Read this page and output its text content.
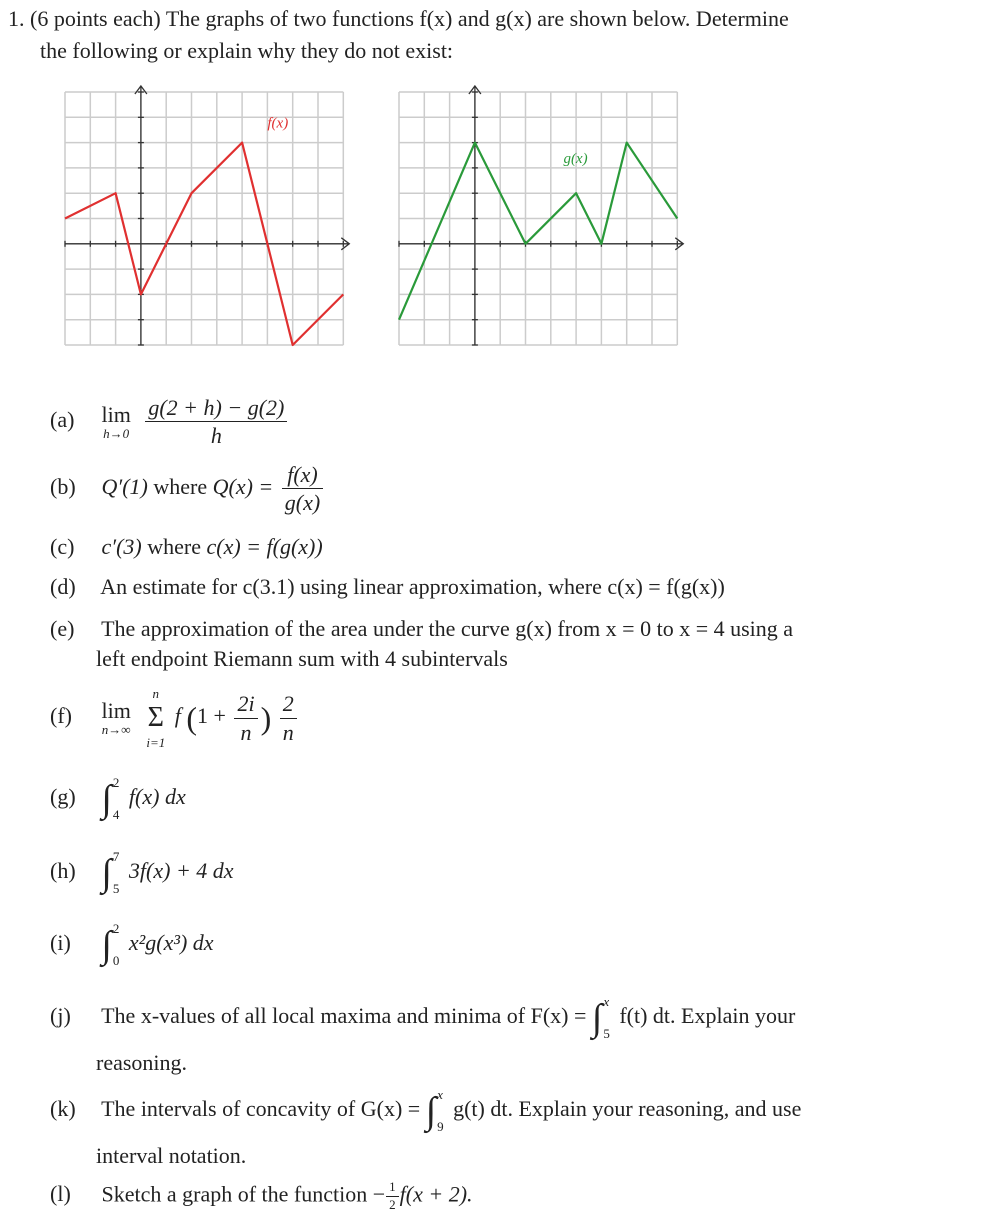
1. (6 points each) The graphs of two functions f(x) and g(x) are shown below. Determine
the following or explain why they do not exist:
f(x)
g(x)
(a) lim
h→0
$\frac{g(2 + h) - g(2)}{h}$
(b) Q′(1) where $Q(x) = \frac{f(x)}{g(x)}$
(c) c′(3) where c(x) = f(g(x))
(d) An estimate for c(3.1) using linear approximation, where c(x) = f(g(x))
(e) The approximation of the area under the curve g(x) from x = 0 to x = 4 using a
left endpoint Riemann sum with 4 subintervals
(f) lim
n→∞

n
Σ
i=1
f ($1 + \frac{2i}{n}$ ) $\frac{2}{n}$
(g) ∫ 2
4
f(x) dx
(h) ∫ 7
5
3f(x) + 4 dx
(i) ∫ 2
0
x²g(x³) dx
(j) The x-values of all local maxima and minima of F(x) = ∫ x
5
f(t) dt. Explain your
reasoning.
(k) The intervals of concavity of G(x) = ∫ x
9
g(t) dt. Explain your reasoning, and use
interval notation.
(l) Sketch a graph of the function − $\frac{1}{2} f(x + 2)$.
